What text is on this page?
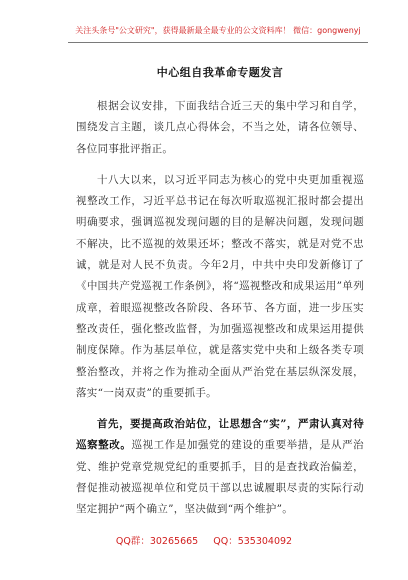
关注头条号"公文研究"，获得最新最全最专业的公文资料库！ 微信：gongwenyj
中心组自我革命专题发言

根据会议安排，下面我结合近三天的集中学习和自学，围绕发言主题，谈几点心得体会，不当之处，请各位领导、各位同事批评指正。

十八大以来，以习近平同志为核心的党中央更加重视巡视整改工作，习近平总书记在每次听取巡视汇报时都会提出明确要求，强调巡视发现问题的目的是解决问题，发现问题不解决，比不巡视的效果还坏；整改不落实，就是对党不忠诚，就是对人民不负责。今年2月，中共中央印发新修订了《中国共产党巡视工作条例》，将“巡视整改和成果运用”单列成章，着眼巡视整改各阶段、各环节、各方面，进一步压实整改责任，强化整改监督，为加强巡视整改和成果运用提供制度保障。作为基层单位，就是落实党中央和上级各类专项整治整改，并将之作为推动全面从严治党在基层纵深发展，落实“一岗双责”的重要抓手。

首先，要提高政治站位，让思想含“实”，严肃认真对待巡察整改。巡视工作是加强党的建设的重要举措，是从严治党、维护党章党规党纪的重要抓手，目的是查找政治偏差，督促推动被巡视单位和党员干部以忠诚履职尽责的实际行动坚定拥护“两个确立”，坚决做到“两个维护”。

QQ群：30265665 QQ：535304092
